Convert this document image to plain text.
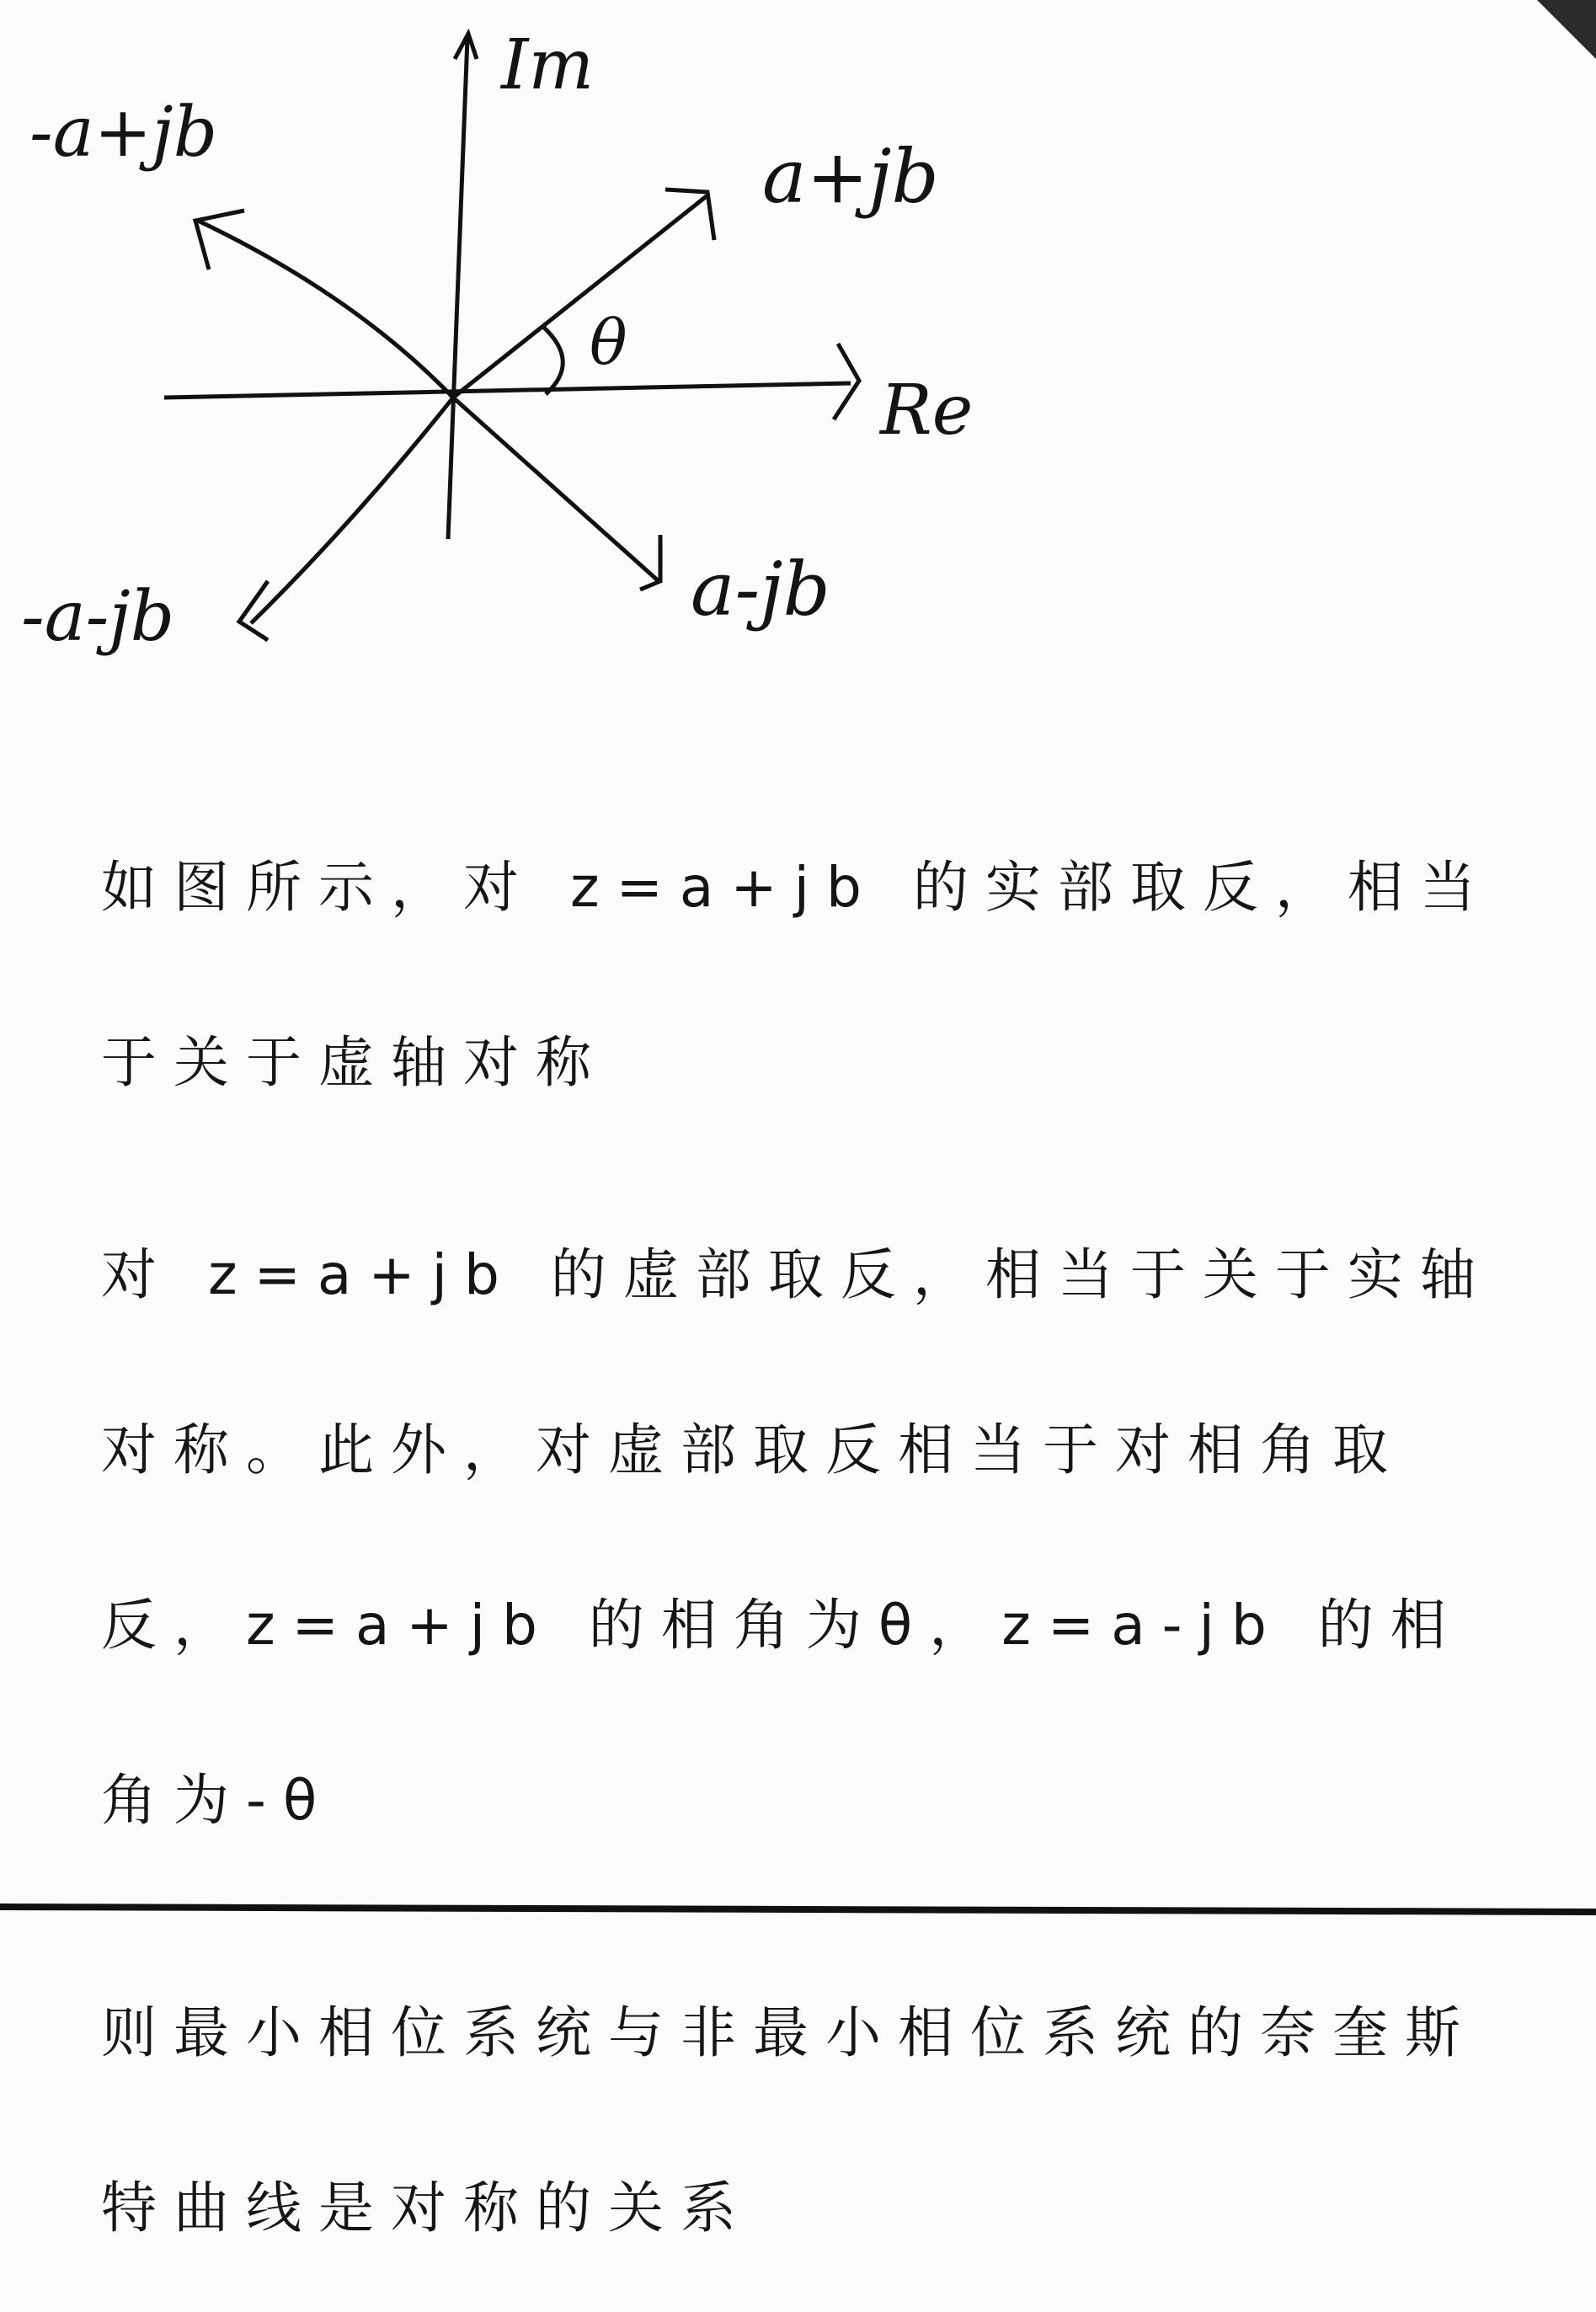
Im
Re
θ
a+jb
-a+jb
-a-jb	a-jb
如图所示，对 z=a+jb 的实部取反，相当于关于虚轴对称
对 z=a+jb 的虚部取反，相当于关于实轴对称。此外，对虚部取反相当于对相角取反，z=a+jb 的相角为θ，z=a-jb 的相角为-θ
则最小相位系统与非最小相位系统的奈奎斯特曲线是对称的关系
